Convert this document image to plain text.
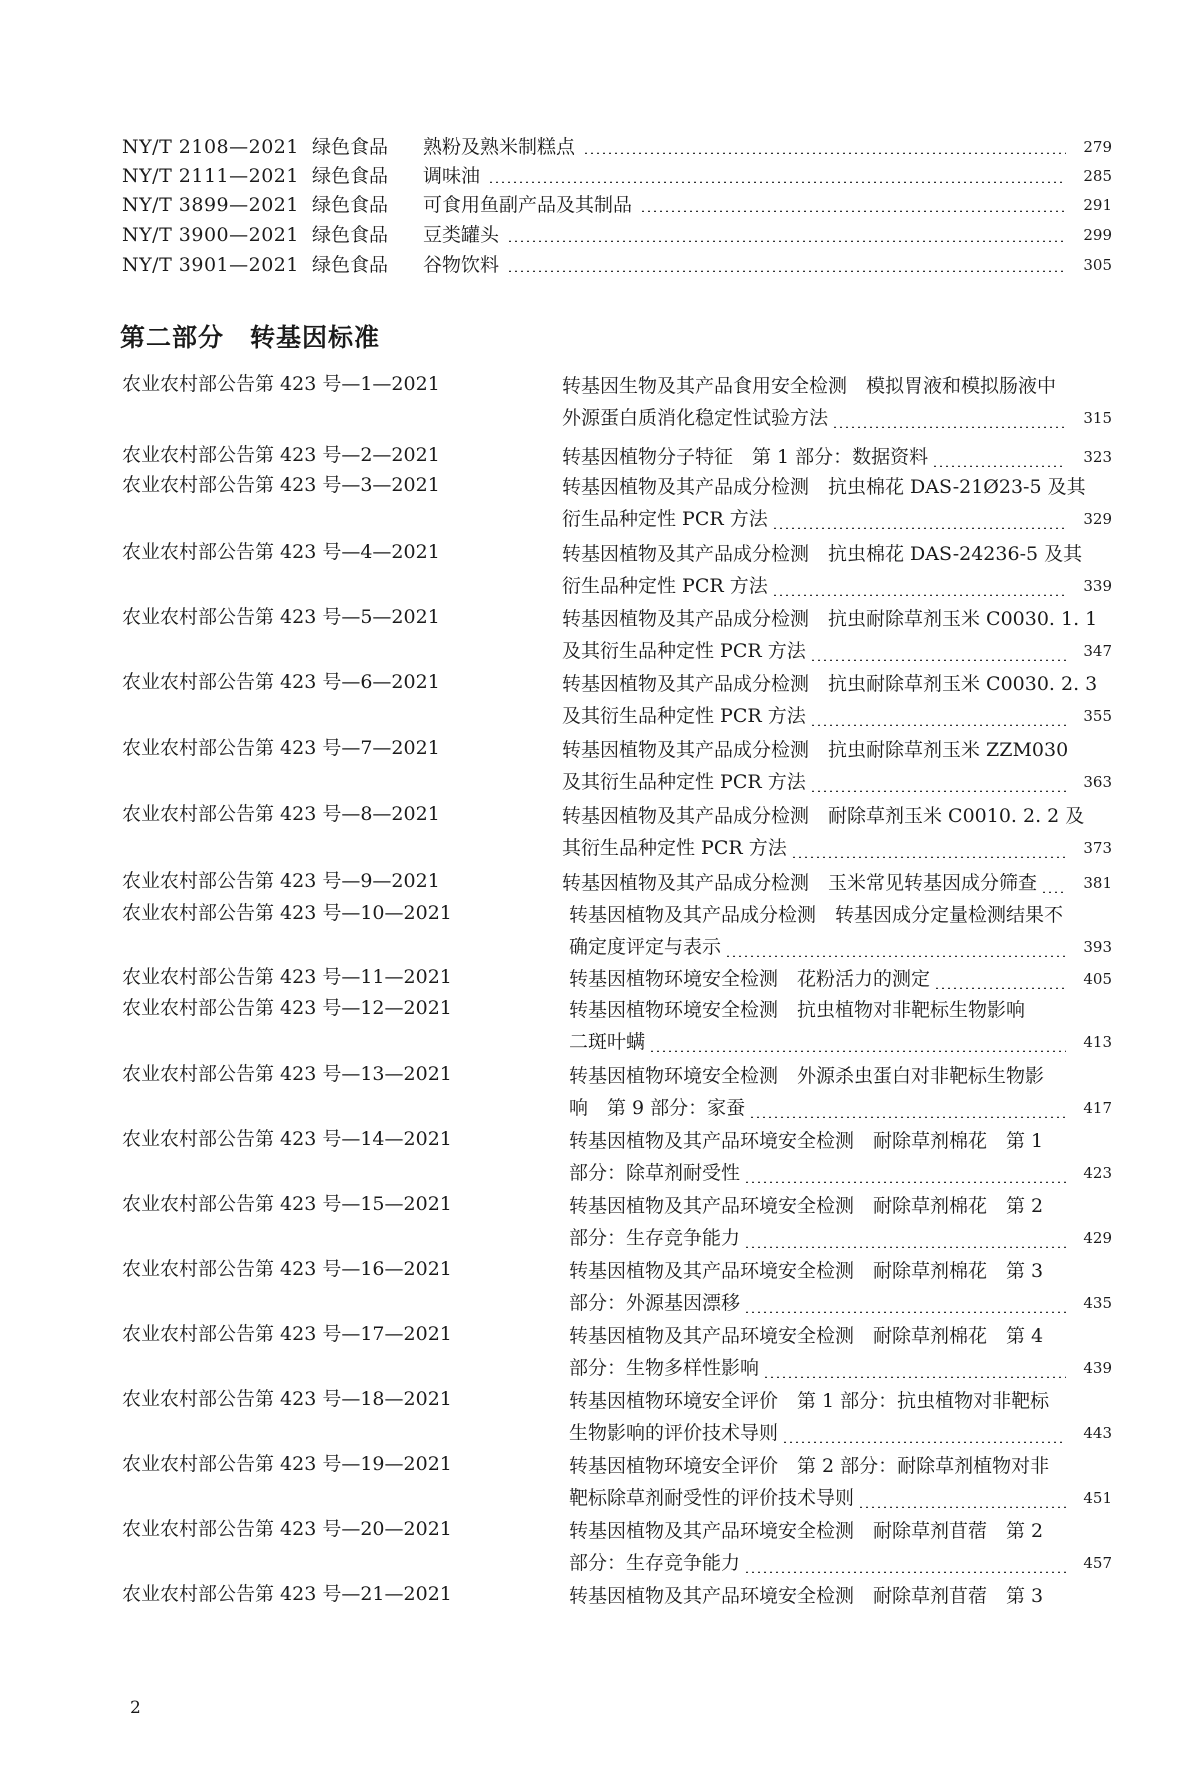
NY/T 2108—2021 绿色食品	熟粉及熟米制糕点	279
NY/T 2111—2021 绿色食品	调味油	285
NY/T 3899—2021 绿色食品	可食用鱼副产品及其制品	291
NY/T 3900—2021 绿色食品	豆类罐头	299
NY/T 3901—2021 绿色食品	谷物饮料	305
第二部分 转基因标准
农业农村部公告第 423 号—1—2021	转基因生物及其产品食用安全检测　模拟胃液和模拟肠液中
外源蛋白质消化稳定性试验方法	315
农业农村部公告第 423 号—2—2021	转基因植物分子特征　第 1 部分：数据资料	323
农业农村部公告第 423 号—3—2021	转基因植物及其产品成分检测　抗虫棉花 DAS-21Ø23-5 及其
衍生品种定性 PCR 方法	329
农业农村部公告第 423 号—4—2021	转基因植物及其产品成分检测　抗虫棉花 DAS-24236-5 及其
衍生品种定性 PCR 方法	339
农业农村部公告第 423 号—5—2021	转基因植物及其产品成分检测　抗虫耐除草剂玉米 C0030. 1. 1
及其衍生品种定性 PCR 方法	347
农业农村部公告第 423 号—6—2021	转基因植物及其产品成分检测　抗虫耐除草剂玉米 C0030. 2. 3
及其衍生品种定性 PCR 方法	355
农业农村部公告第 423 号—7—2021	转基因植物及其产品成分检测　抗虫耐除草剂玉米 ZZM030
及其衍生品种定性 PCR 方法	363
农业农村部公告第 423 号—8—2021	转基因植物及其产品成分检测　耐除草剂玉米 C0010. 2. 2 及
其衍生品种定性 PCR 方法	373
农业农村部公告第 423 号—9—2021	转基因植物及其产品成分检测　玉米常见转基因成分筛查	381
农业农村部公告第 423 号—10—2021	转基因植物及其产品成分检测　转基因成分定量检测结果不
确定度评定与表示	393
农业农村部公告第 423 号—11—2021	转基因植物环境安全检测　花粉活力的测定	405
农业农村部公告第 423 号—12—2021	转基因植物环境安全检测　抗虫植物对非靶标生物影响
二斑叶螨	413
农业农村部公告第 423 号—13—2021	转基因植物环境安全检测　外源杀虫蛋白对非靶标生物影
响　第 9 部分：家蚕	417
农业农村部公告第 423 号—14—2021	转基因植物及其产品环境安全检测　耐除草剂棉花　第 1
部分：除草剂耐受性	423
农业农村部公告第 423 号—15—2021	转基因植物及其产品环境安全检测　耐除草剂棉花　第 2
部分：生存竞争能力	429
农业农村部公告第 423 号—16—2021	转基因植物及其产品环境安全检测　耐除草剂棉花　第 3
部分：外源基因漂移	435
农业农村部公告第 423 号—17—2021	转基因植物及其产品环境安全检测　耐除草剂棉花　第 4
部分：生物多样性影响	439
农业农村部公告第 423 号—18—2021	转基因植物环境安全评价　第 1 部分：抗虫植物对非靶标
生物影响的评价技术导则	443
农业农村部公告第 423 号—19—2021	转基因植物环境安全评价　第 2 部分：耐除草剂植物对非
靶标除草剂耐受性的评价技术导则	451
农业农村部公告第 423 号—20—2021	转基因植物及其产品环境安全检测　耐除草剂苜蓿　第 2
部分：生存竞争能力	457
农业农村部公告第 423 号—21—2021	转基因植物及其产品环境安全检测　耐除草剂苜蓿　第 3
2
